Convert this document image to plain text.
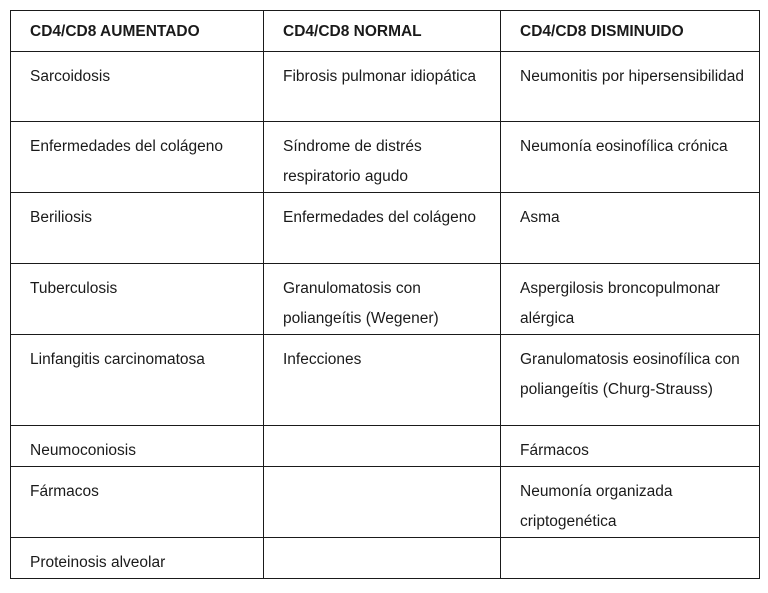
CD4/CD8 AUMENTADO	CD4/CD8 NORMAL	CD4/CD8 DISMINUIDO
Sarcoidosis	Fibrosis pulmonar idiopática	Neumonitis por hipersensibilidad
Enfermedades del colágeno	Síndrome de distrés respiratorio agudo	Neumonía eosinofílica crónica
Beriliosis	Enfermedades del colágeno	Asma
Tuberculosis	Granulomatosis con poliangeítis (Wegener)	Aspergilosis broncopulmonar alérgica
Linfangitis carcinomatosa	Infecciones	Granulomatosis eosinofílica con poliangeítis (Churg-Strauss)
Neumoconiosis		Fármacos
Fármacos		Neumonía organizada criptogenética
Proteinosis alveolar		
